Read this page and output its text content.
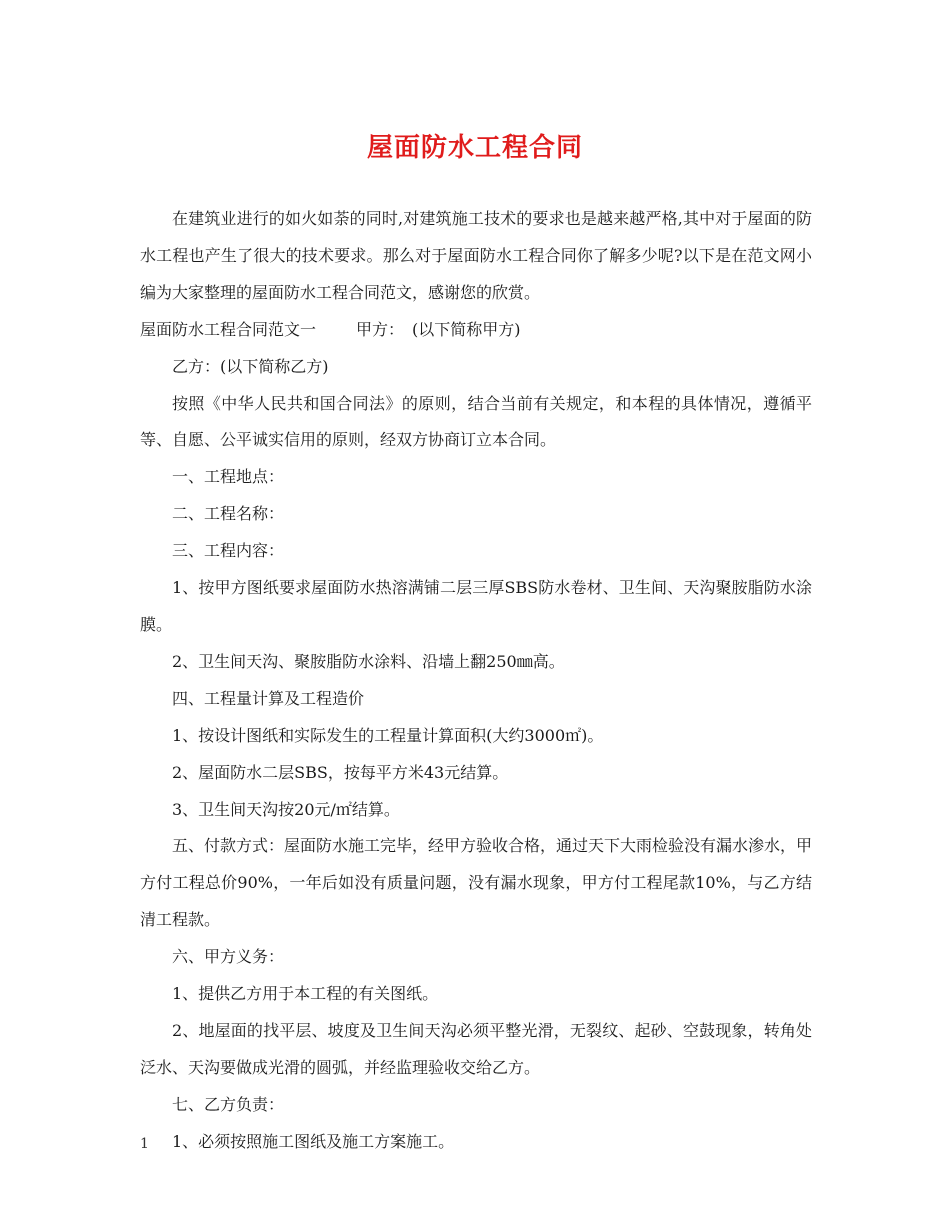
屋面防水工程合同

在建筑业进行的如火如荼的同时,对建筑施工技术的要求也是越来越严格,其中对于屋面的防水工程也产生了很大的技术要求。那么对于屋面防水工程合同你了解多少呢?以下是在范文网小编为大家整理的屋面防水工程合同范文，感谢您的欣赏。

屋面防水工程合同范文一	甲方：　(以下简称甲方)

乙方：(以下简称乙方)

按照《中华人民共和国合同法》的原则，结合当前有关规定，和本程的具体情况，遵循平等、自愿、公平诚实信用的原则，经双方协商订立本合同。

一、工程地点：

二、工程名称：

三、工程内容：

1、按甲方图纸要求屋面防水热溶满铺二层三厚SBS防水卷材、卫生间、天沟聚胺脂防水涂膜。

2、卫生间天沟、聚胺脂防水涂料、沿墙上翻250㎜高。

四、工程量计算及工程造价

1、按设计图纸和实际发生的工程量计算面积(大约3000㎡)。

2、屋面防水二层SBS，按每平方米43元结算。

3、卫生间天沟按20元/㎡结算。

五、付款方式：屋面防水施工完毕，经甲方验收合格，通过天下大雨检验没有漏水渗水，甲方付工程总价90%，一年后如没有质量问题，没有漏水现象，甲方付工程尾款10%，与乙方结清工程款。

六、甲方义务：

1、提供乙方用于本工程的有关图纸。

2、地屋面的找平层、坡度及卫生间天沟必须平整光滑，无裂纹、起砂、空鼓现象，转角处泛水、天沟要做成光滑的圆弧，并经监理验收交给乙方。

七、乙方负责：

1、必须按照施工图纸及施工方案施工。

1
